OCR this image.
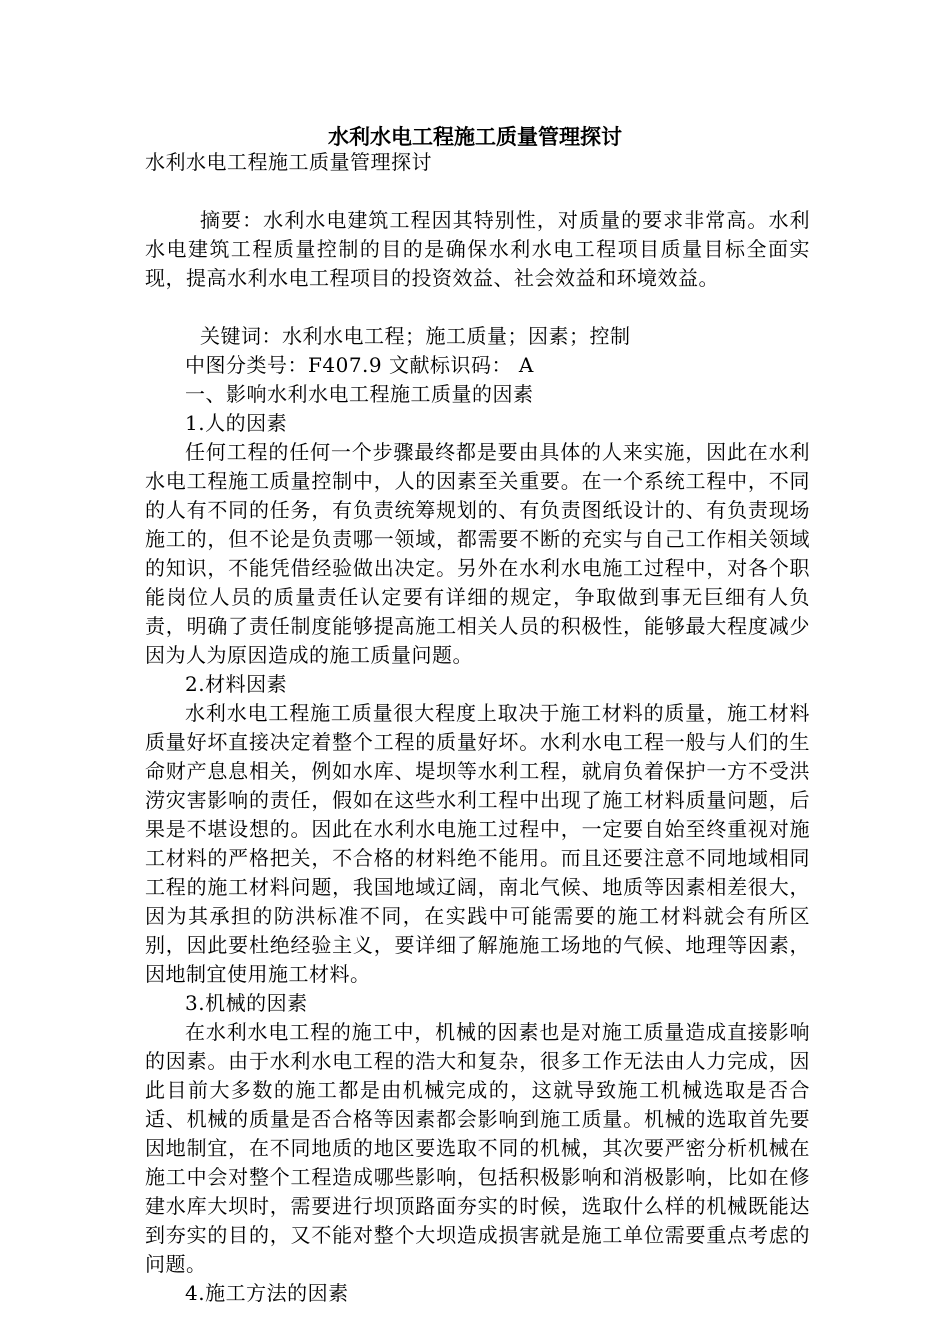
水利水电工程施工质量管理探讨

水利水电工程施工质量管理探讨

摘要：水利水电建筑工程因其特别性，对质量的要求非常高。水利水电建筑工程质量控制的目的是确保水利水电工程项目质量目标全面实现，提高水利水电工程项目的投资效益、社会效益和环境效益。

关键词：水利水电工程；施工质量；因素；控制

中图分类号：F407.9 文献标识码： A

一、影响水利水电工程施工质量的因素

1.人的因素

任何工程的任何一个步骤最终都是要由具体的人来实施，因此在水利水电工程施工质量控制中，人的因素至关重要。在一个系统工程中，不同的人有不同的任务，有负责统筹规划的、有负责图纸设计的、有负责现场施工的，但不论是负责哪一领域，都需要不断的充实与自己工作相关领域的知识，不能凭借经验做出决定。另外在水利水电施工过程中，对各个职能岗位人员的质量责任认定要有详细的规定，争取做到事无巨细有人负责，明确了责任制度能够提高施工相关人员的积极性，能够最大程度减少因为人为原因造成的施工质量问题。

2.材料因素

水利水电工程施工质量很大程度上取决于施工材料的质量，施工材料质量好坏直接决定着整个工程的质量好坏。水利水电工程一般与人们的生命财产息息相关，例如水库、堤坝等水利工程，就肩负着保护一方不受洪涝灾害影响的责任，假如在这些水利工程中出现了施工材料质量问题，后果是不堪设想的。因此在水利水电施工过程中，一定要自始至终重视对施工材料的严格把关，不合格的材料绝不能用。而且还要注意不同地域相同工程的施工材料问题，我国地域辽阔，南北气候、地质等因素相差很大，因为其承担的防洪标准不同，在实践中可能需要的施工材料就会有所区别，因此要杜绝经验主义，要详细了解施施工场地的气候、地理等因素，因地制宜使用施工材料。

3.机械的因素

在水利水电工程的施工中，机械的因素也是对施工质量造成直接影响的因素。由于水利水电工程的浩大和复杂，很多工作无法由人力完成，因此目前大多数的施工都是由机械完成的，这就导致施工机械选取是否合适、机械的质量是否合格等因素都会影响到施工质量。机械的选取首先要因地制宜，在不同地质的地区要选取不同的机械，其次要严密分析机械在施工中会对整个工程造成哪些影响，包括积极影响和消极影响，比如在修建水库大坝时，需要进行坝顶路面夯实的时候，选取什么样的机械既能达到夯实的目的，又不能对整个大坝造成损害就是施工单位需要重点考虑的问题。

4.施工方法的因素
